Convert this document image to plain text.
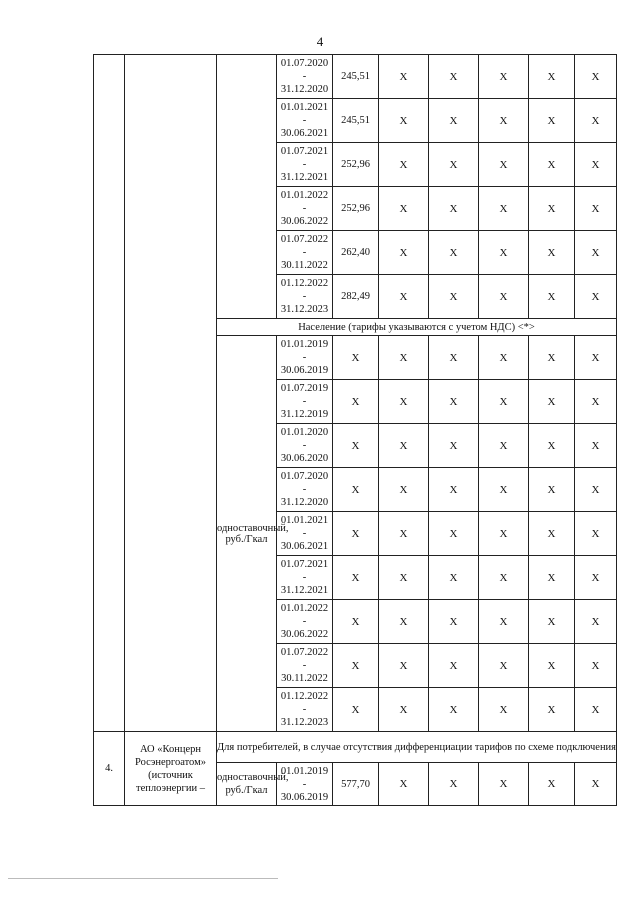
4

			01.07.2020
-
31.12.2020	245,51	X	X	X	X	X

			01.01.2021
-
30.06.2021	245,51	X	X	X	X	X

			01.07.2021
-
31.12.2021	252,96	X	X	X	X	X

			01.01.2022
-
30.06.2022	252,96	X	X	X	X	X

			01.07.2022
-
30.11.2022	262,40	X	X	X	X	X

			01.12.2022
-
31.12.2023	282,49	X	X	X	X	X
		Население (тарифы указываются с учетом НДС) <*>							
		одноставочный, руб./Гкал	01.01.2019
-
30.06.2019	X	X	X	X	X	X

			01.07.2019
-
31.12.2019	X	X	X	X	X	X

			01.01.2020
-
30.06.2020	X	X	X	X	X	X

			01.07.2020
-
31.12.2020	X	X	X	X	X	X

			01.01.2021
-
30.06.2021	X	X	X	X	X	X

			01.07.2021
-
31.12.2021	X	X	X	X	X	X

			01.01.2022
-
30.06.2022	X	X	X	X	X	X

			01.07.2022
-
30.11.2022	X	X	X	X	X	X

			01.12.2022
-
31.12.2023	X	X	X	X	X	X
4.	АО «Концерн Росэнергоатом» (источник теплоэнергии –	Для потребителей, в случае отсутствия дифференциации тарифов по схеме подключения							
		одноставочный, руб./Гкал	01.01.2019
-
30.06.2019	577,70	X	X	X	X	X
